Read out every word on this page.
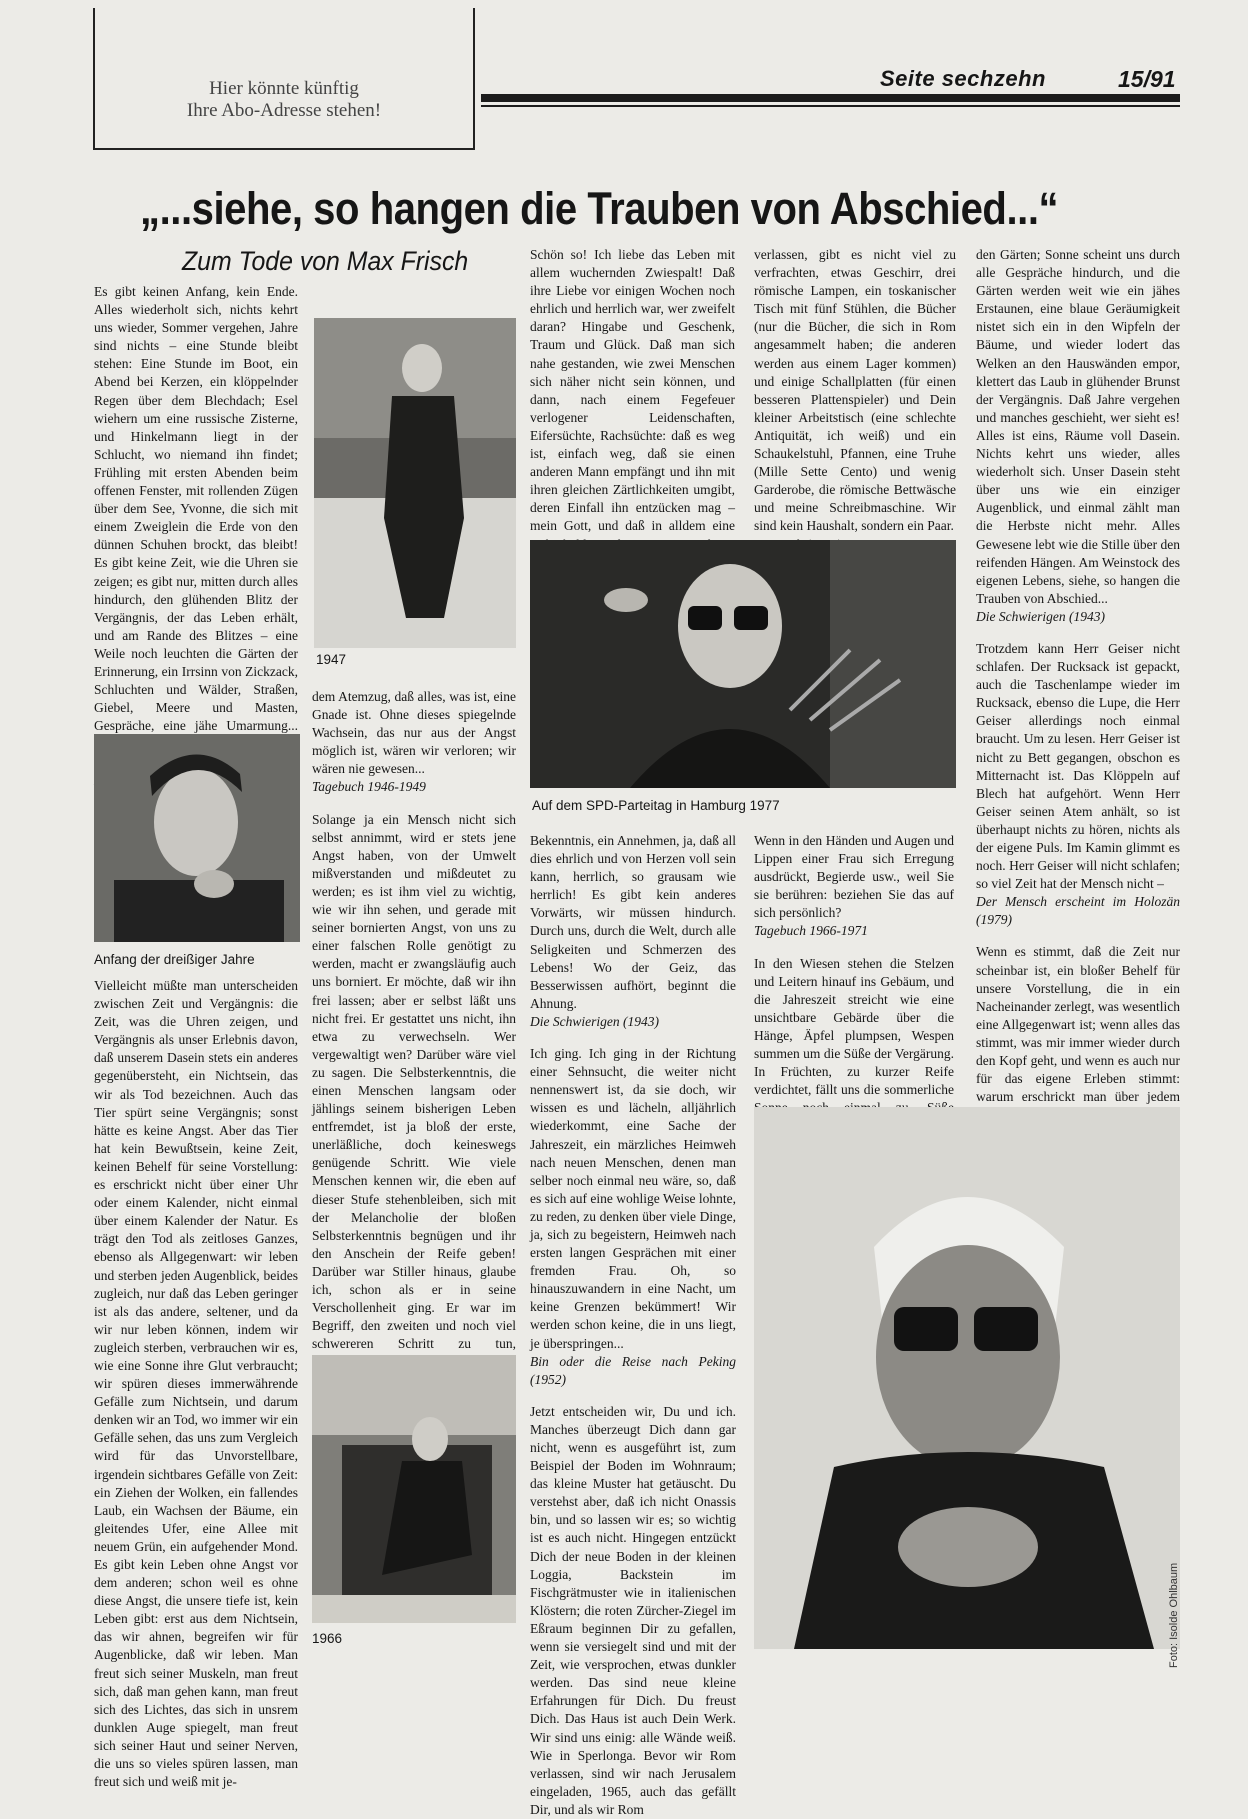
Hier könnte künftig
Ihre Abo-Adresse stehen!
Seite sechzehn	15/91
„...siehe, so hangen die Trauben von Abschied...“
Zum Tode von Max Frisch

Es gibt keinen Anfang, kein Ende. Alles wiederholt sich, nichts kehrt uns wieder, Sommer vergehen, Jahre sind nichts – eine Stunde bleibt stehen: Eine Stunde im Boot, ein Abend bei Kerzen, ein klöppelnder Regen über dem Blechdach; Esel wiehern um eine russische Zisterne, und Hinkelmann liegt in der Schlucht, wo niemand ihn findet; Frühling mit ersten Abenden beim offenen Fenster, mit rollenden Zügen über dem See, Yvonne, die sich mit einem Zweiglein die Erde von den dünnen Schuhen brockt, das bleibt! Es gibt keine Zeit, wie die Uhren sie zeigen; es gibt nur, mitten durch alles hindurch, den glühenden Blitz der Vergängnis, der das Leben erhält, und am Rande des Blitzes – eine Weile noch leuchten die Gärten der Erinnerung, ein Irrsinn von Zickzack, Schluchten und Wälder, Straßen, Giebel, Meere und Masten, Gespräche, eine jähe Umarmung...

Anfang der dreißiger Jahre

Vielleicht müßte man unterscheiden zwischen Zeit und Vergängnis: die Zeit, was die Uhren zeigen, und Vergängnis als unser Erlebnis davon, daß unserem Dasein stets ein anderes gegenübersteht, ein Nichtsein, das wir als Tod bezeichnen. Auch das Tier spürt seine Vergängnis; sonst hätte es keine Angst. Aber das Tier hat kein Bewußtsein, keine Zeit, keinen Behelf für seine Vorstellung: es erschrickt nicht über einer Uhr oder einem Kalender, nicht einmal über einem Kalender der Natur. Es trägt den Tod als zeitloses Ganzes, ebenso als Allgegenwart: wir leben und sterben jeden Augenblick, beides zugleich, nur daß das Leben geringer ist als das andere, seltener, und da wir nur leben können, indem wir zugleich sterben, verbrauchen wir es, wie eine Sonne ihre Glut verbraucht; wir spüren dieses immerwährende Gefälle zum Nichtsein, und darum denken wir an Tod, wo immer wir ein Gefälle sehen, das uns zum Vergleich wird für das Unvorstellbare, irgendein sichtbares Gefälle von Zeit: ein Ziehen der Wolken, ein fallendes Laub, ein Wachsen der Bäume, ein gleitendes Ufer, eine Allee mit neuem Grün, ein aufgehender Mond. Es gibt kein Leben ohne Angst vor dem anderen; schon weil es ohne diese Angst, die unsere tiefe ist, kein Leben gibt: erst aus dem Nichtsein, das wir ahnen, begreifen wir für Augenblicke, daß wir leben. Man freut sich seiner Muskeln, man freut sich, daß man gehen kann, man freut sich des Lichtes, das sich in unsrem dunklen Auge spiegelt, man freut sich seiner Haut und seiner Nerven, die uns so vieles spüren lassen, man freut sich und weiß mit je-

1947

dem Atemzug, daß alles, was ist, eine Gnade ist. Ohne dieses spiegelnde Wachsein, das nur aus der Angst möglich ist, wären wir verloren; wir wären nie gewesen...

Tagebuch 1946-1949

Solange ja ein Mensch nicht sich selbst annimmt, wird er stets jene Angst haben, von der Umwelt mißverstanden und mißdeutet zu werden; es ist ihm viel zu wichtig, wie wir ihn sehen, und gerade mit seiner bornierten Angst, von uns zu einer falschen Rolle genötigt zu werden, macht er zwangsläufig auch uns borniert. Er möchte, daß wir ihn frei lassen; aber er selbst läßt uns nicht frei. Er gestattet uns nicht, ihn etwa zu verwechseln. Wer vergewaltigt wen? Darüber wäre viel zu sagen. Die Selbsterkenntnis, die einen Menschen langsam oder jählings seinem bisherigen Leben entfremdet, ist ja bloß der erste, unerläßliche, doch keineswegs genügende Schritt. Wie viele Menschen kennen wir, die eben auf dieser Stufe stehenbleiben, sich mit der Melancholie der bloßen Selbsterkenntnis begnügen und ihr den Anschein der Reife geben! Darüber war Stiller hinaus, glaube ich, schon als er in seine Verschollenheit ging. Er war im Begriff, den zweiten und noch viel schwereren Schritt zu tun,

1966

Schön so! Ich liebe das Leben mit allem wuchernden Zwiespalt! Daß ihre Liebe vor einigen Wochen noch ehrlich und herrlich war, wer zweifelt daran? Hingabe und Geschenk, Traum und Glück. Daß man sich nahe gestanden, wie zwei Menschen sich näher nicht sein können, und dann, nach einem Fegefeuer verlogener Leidenschaften, Eifersüchte, Rachsüchte: daß es weg ist, einfach weg, daß sie einen anderen Mann empfängt und ihn mit ihren gleichen Zärtlichkeiten umgibt, deren Einfall ihn entzücken mag – mein Gott, und daß in alldem eine

verlassen, gibt es nicht viel zu verfrachten, etwas Geschirr, drei römische Lampen, ein toskanischer Tisch mit fünf Stühlen, die Bücher (nur die Bücher, die sich in Rom angesammelt haben; die anderen werden aus einem Lager kommen) und einige Schallplatten (für einen besseren Plattenspieler) und Dein kleiner Arbeitstisch (eine schlechte Antiquität, ich weiß) und ein Schaukelstuhl, Pfannen, eine Truhe (Mille Sette Cento) und wenig Garderobe, die römische Bettwäsche und meine Schreibmaschine. Wir sind kein Haushalt, sondern ein Paar.

Auf dem SPD-Parteitag in Hamburg 1977

Bekenntnis, ein Annehmen, ja, daß all dies ehrlich und von Herzen voll sein kann, herrlich, so grausam wie herrlich! Es gibt kein anderes Vorwärts, wir müssen hindurch. Durch uns, durch die Welt, durch alle Seligkeiten und Schmerzen des Lebens! Wo der Geiz, das Besserwissen aufhört, beginnt die Ahnung.

Die Schwierigen (1943)

Ich ging. Ich ging in der Richtung einer Sehnsucht, die weiter nicht nennenswert ist, da sie doch, wir wissen es und lächeln, alljährlich wiederkommt, eine Sache der Jahreszeit, ein märzliches Heimweh nach neuen Menschen, denen man selber noch einmal neu wäre, so, daß es sich auf eine wohlige Weise lohnte, zu reden, zu denken über viele Dinge, ja, sich zu begeistern, Heimweh nach ersten langen Gesprächen mit einer fremden Frau. Oh, so hinauszuwandern in eine Nacht, um keine Grenzen bekümmert! Wir werden schon keine, die in uns liegt, je überspringen...

Bin oder die Reise nach Peking (1952)

Jetzt entscheiden wir, Du und ich. Manches überzeugt Dich dann gar nicht, wenn es ausgeführt ist, zum Beispiel der Boden im Wohnraum; das kleine Muster hat getäuscht. Du verstehst aber, daß ich nicht Onassis bin, und so lassen wir es; so wichtig ist es auch nicht. Hingegen entzückt Dich der neue Boden in der kleinen Loggia, Backstein im Fischgrätmuster wie in italienischen Klöstern; die roten Zürcher-Ziegel im Eßraum beginnen Dir zu gefallen, wenn sie versiegelt sind und mit der Zeit, wie versprochen, etwas dunkler werden. Das sind neue kleine Erfahrungen für Dich. Du freust Dich. Das Haus ist auch Dein Werk. Wir sind uns einig: alle Wände weiß. Wie in Sperlonga. Bevor wir Rom verlassen, sind wir nach Jerusalem eingeladen, 1965, auch das gefällt Dir, und als wir Rom

Wenn in den Händen und Augen und Lippen einer Frau sich Erregung ausdrückt, Begierde usw., weil Sie sie berühren: beziehen Sie das auf sich persönlich?

Tagebuch 1966-1971

In den Wiesen stehen die Stelzen und Leitern hinauf ins Gebäum, und die Jahreszeit streicht wie eine unsichtbare Gebärde über die Hänge, Äpfel plumpsen, Wespen summen um die Süße der Vergärung. In Früchten, zu kurzer Reife verdichtet, fällt uns die sommerliche

den Gärten; Sonne scheint uns durch alle Gespräche hindurch, und die Gärten werden weit wie ein jähes Erstaunen, eine blaue Geräumigkeit nistet sich ein in den Wipfeln der Bäume, und wieder lodert das Welken an den Hauswänden empor, klettert das Laub in glühender Brunst der Vergängnis. Daß Jahre vergehen und manches geschieht, wer sieht es! Alles ist eins, Räume voll Dasein. Nichts kehrt uns wieder, alles wiederholt sich. Unser Dasein steht über uns wie ein einziger Augenblick, und einmal zählt man die Herbste nicht mehr. Alles Gewesene lebt wie die Stille über den reifenden Hängen. Am Weinstock des eigenen Lebens, siehe, so hangen die Trauben von Abschied...

Die Schwierigen (1943)

Trotzdem kann Herr Geiser nicht schlafen. Der Rucksack ist gepackt, auch die Taschenlampe wieder im Rucksack, ebenso die Lupe, die Herr Geiser allerdings noch einmal braucht. Um zu lesen. Herr Geiser ist nicht zu Bett gegangen, obschon es Mitternacht ist. Das Klöppeln auf Blech hat aufgehört. Wenn Herr Geiser seinen Atem anhält, so ist überhaupt nichts zu hören, nichts als der eigene Puls. Im Kamin glimmt es noch. Herr Geiser will nicht schlafen; so viel Zeit hat der Mensch nicht –

Der Mensch erscheint im Holozän (1979)

Wenn es stimmt, daß die Zeit nur scheinbar ist, ein bloßer Behelf für unsere Vorstellung, die in ein Nacheinander zerlegt, was wesentlich eine Allgegenwart ist; wenn alles das stimmt, was mir immer wieder durch den Kopf geht, und wenn es auch nur für das eigene Erleben stimmt: warum erschrickt man über jedem

Foto: Isolde Ohlbaum
